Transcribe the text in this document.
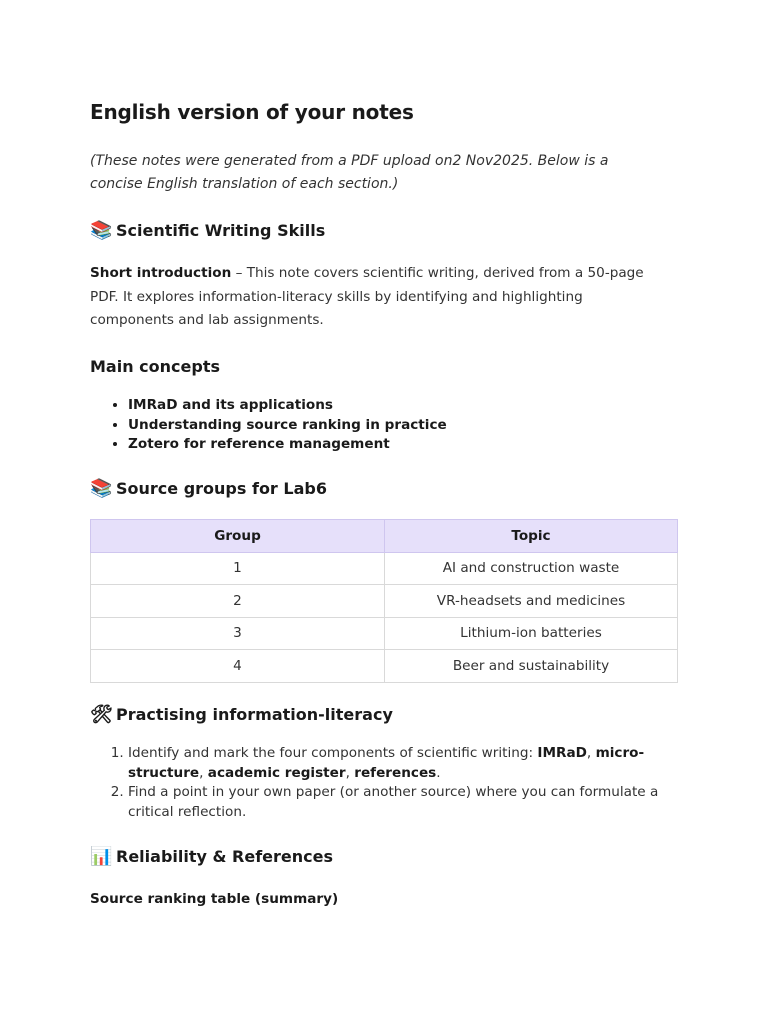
English version of your notes

(These notes were generated from a PDF upload on2 Nov2025. Below is a concise English translation of each section.)

📚 Scientific Writing Skills

Short introduction – This note covers scientific writing, derived from a 50-page PDF. It explores information-literacy skills by identifying and highlighting components and lab assignments.

Main concepts
• IMRaD and its applications
• Understanding source ranking in practice
• Zotero for reference management
📚 Source groups for Lab6
Group	Topic
1	AI and construction waste
2	VR-headsets and medicines
3	Lithium-ion batteries
4	Beer and sustainability
🛠 Practising information-literacy
1. Identify and mark the four components of scientific writing: IMRaD, micro-structure, academic register, references.
2. Find a point in your own paper (or another source) where you can formulate a critical reflection.
📊 Reliability & References

Source ranking table (summary)
